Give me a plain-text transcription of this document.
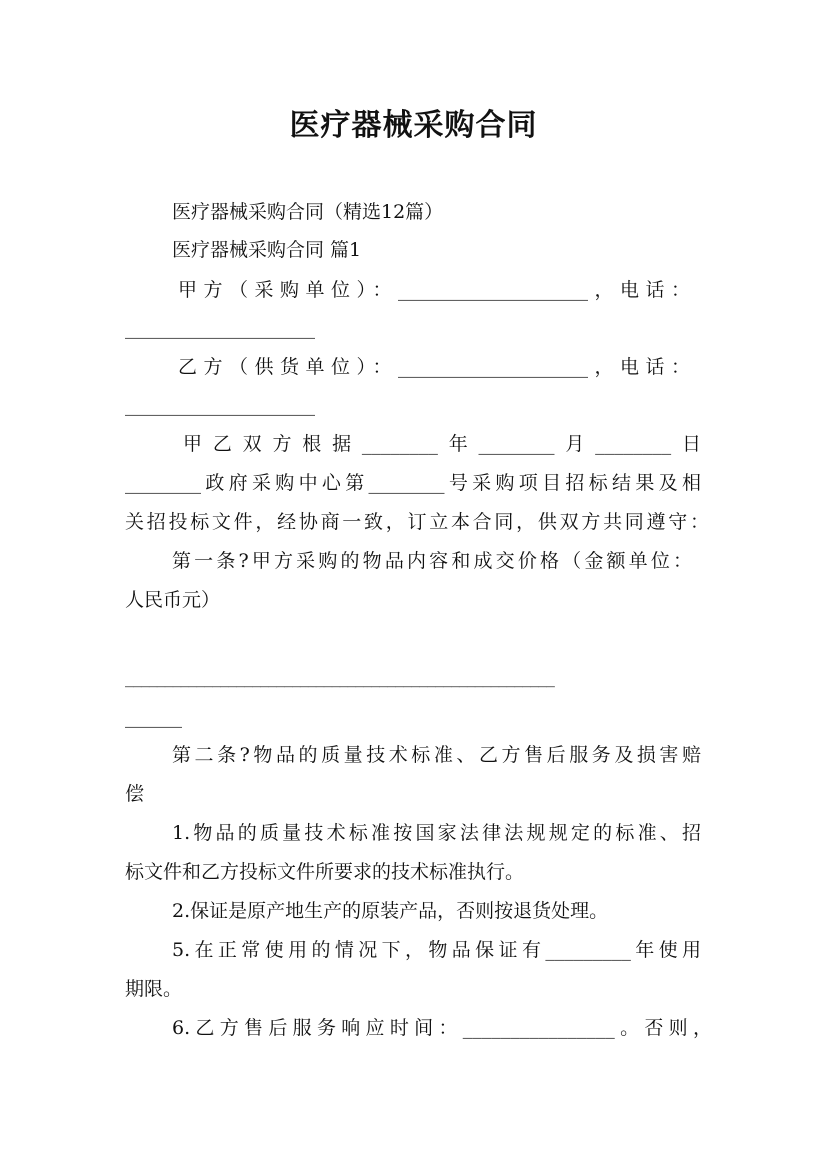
医疗器械采购合同
医疗器械采购合同（精选12篇）
医疗器械采购合同 篇1
甲方（采购单位）：____________________，电话：
____________________
乙方（供货单位）：____________________，电话：
____________________
甲乙双方根据________年________月________日
________政府采购中心第________号采购项目招标结果及相
关招投标文件，经协商一致，订立本合同，供双方共同遵守：
第一条?甲方采购的物品内容和成交价格（金额单位：
人民币元）
______________________________________________________
______
第二条?物品的质量技术标准、乙方售后服务及损害赔
偿
1.物品的质量技术标准按国家法律法规规定的标准、招
标文件和乙方投标文件所要求的技术标准执行。
2.保证是原产地生产的原装产品，否则按退货处理。
5.在正常使用的情况下，物品保证有_________年使用
期限。
6.乙方售后服务响应时间：________________。否则，
